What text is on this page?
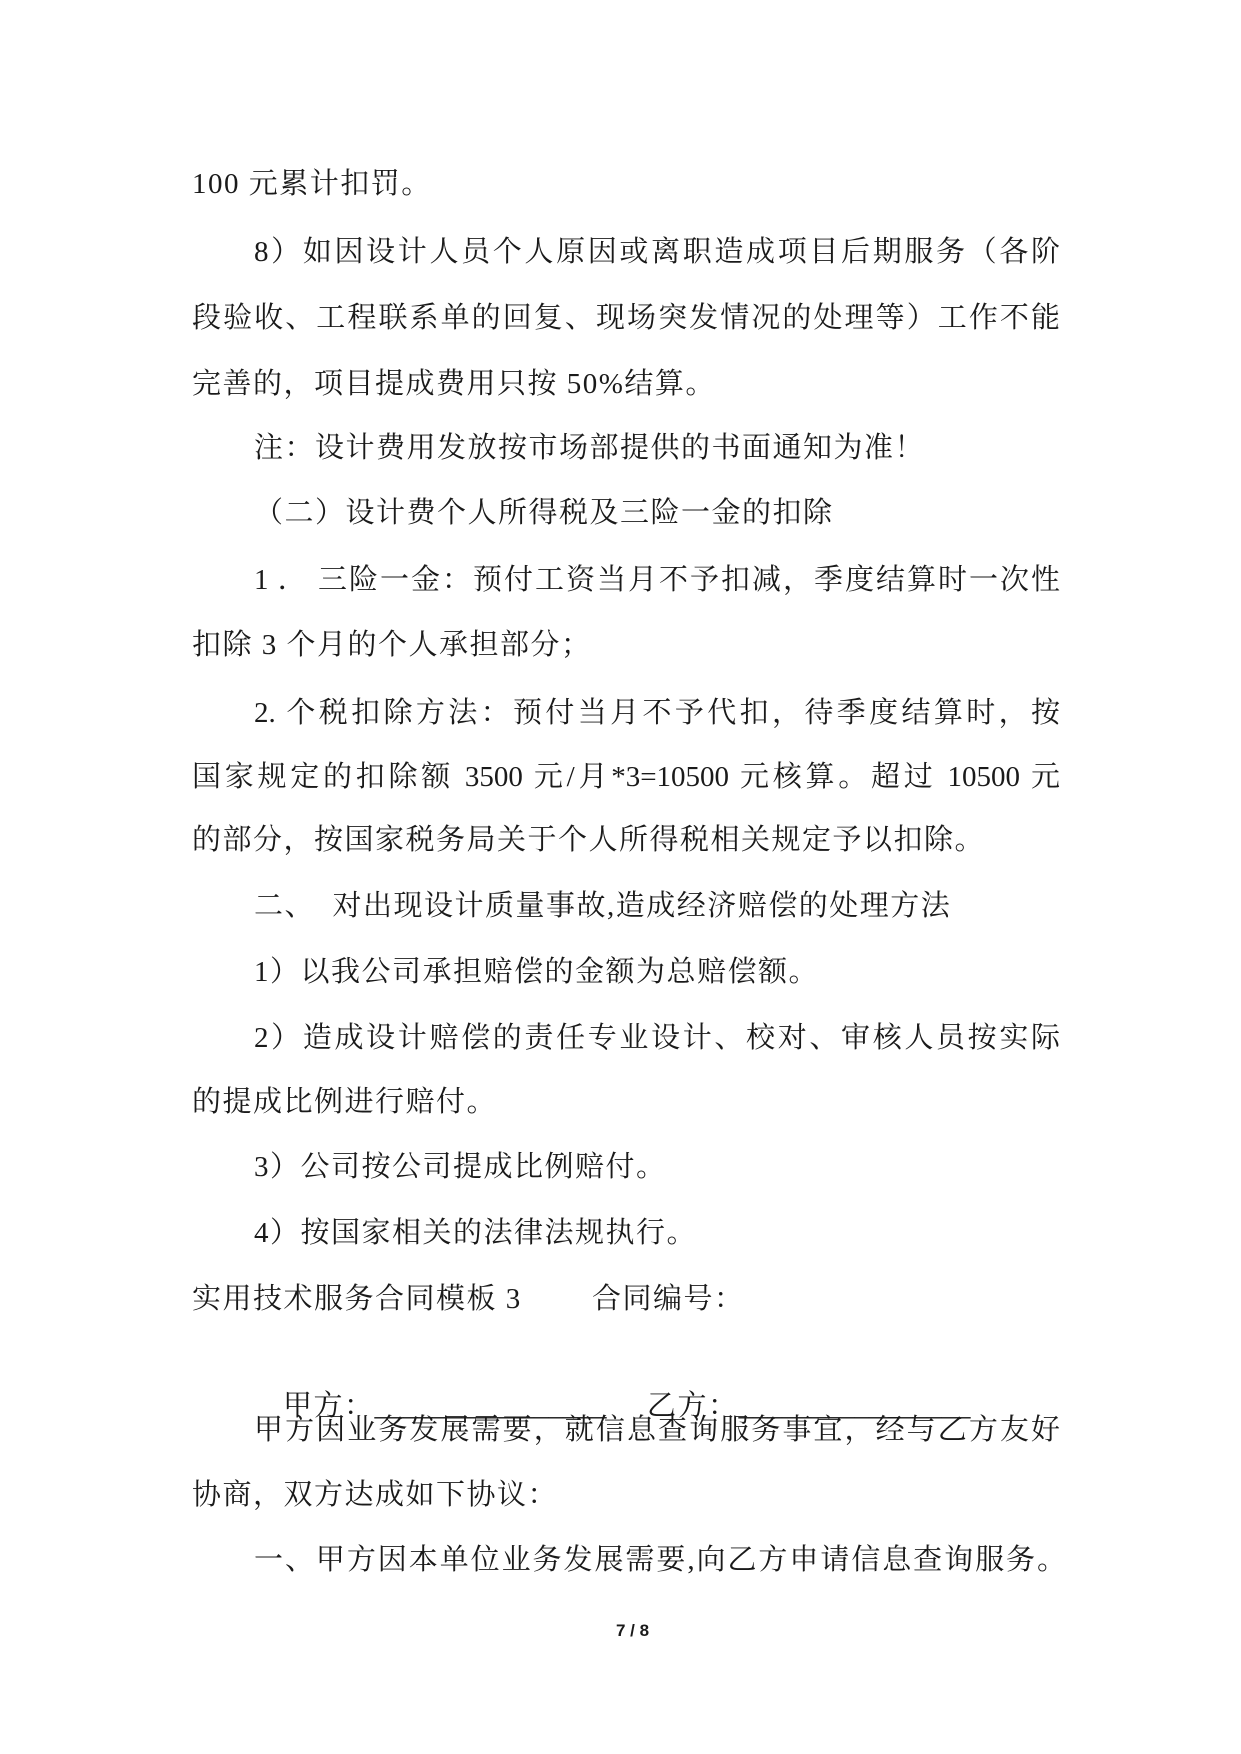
100 元累计扣罚。
8）如因设计人员个人原因或离职造成项目后期服务（各阶
段验收、工程联系单的回复、现场突发情况的处理等）工作不能
完善的，项目提成费用只按 50%结算。
注：设计费用发放按市场部提供的书面通知为准！
（二）设计费个人所得税及三险一金的扣除
1 ． 三险一金：预付工资当月不予扣减，季度结算时一次性
扣除 3 个月的个人承担部分；
2. 个税扣除方法：预付当月不予代扣，待季度结算时，按
国家规定的扣除额 3500 元/月*3=10500 元核算。超过 10500 元
的部分，按国家税务局关于个人所得税相关规定予以扣除。
二、  对出现设计质量事故,造成经济赔偿的处理方法
1）以我公司承担赔偿的金额为总赔偿额。
2）造成设计赔偿的责任专业设计、校对、审核人员按实际
的提成比例进行赔付。
3）公司按公司提成比例赔付。
4）按国家相关的法律法规执行。
实用技术服务合同模板 3 合同编号：

甲方：________________
	乙方：________________

甲方因业务发展需要，就信息查询服务事宜，经与乙方友好
协商，双方达成如下协议：
一、甲方因本单位业务发展需要,向乙方申请信息查询服务。
7 / 8
